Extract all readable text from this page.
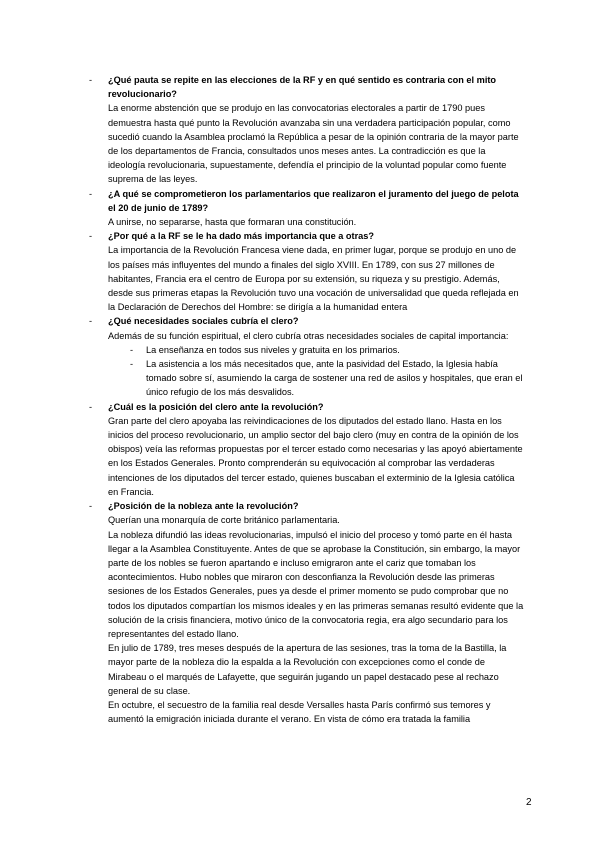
- ¿Qué pauta se repite en las elecciones de la RF y en qué sentido es contraria con el mito revolucionario?

La enorme abstención que se produjo en las convocatorias electorales a partir de 1790 pues demuestra hasta qué punto la Revolución avanzaba sin una verdadera participación popular, como sucedió cuando la Asamblea proclamó la República a pesar de la opinión contraria de la mayor parte de los departamentos de Francia, consultados unos meses antes. La contradicción es que la ideología revolucionaria, supuestamente, defendía el principio de la voluntad popular como fuente suprema de las leyes.

- ¿A qué se comprometieron los parlamentarios que realizaron el juramento del juego de pelota el 20 de junio de 1789?

A unirse, no separarse, hasta que formaran una constitución.

- ¿Por qué a la RF se le ha dado más importancia que a otras?

La importancia de la Revolución Francesa viene dada, en primer lugar, porque se produjo en uno de los países más influyentes del mundo a finales del siglo XVIII. En 1789, con sus 27 millones de habitantes, Francia era el centro de Europa por su extensión, su riqueza y su prestigio. Además, desde sus primeras etapas la Revolución tuvo una vocación de universalidad que queda reflejada en la Declaración de Derechos del Hombre: se dirigía a la humanidad entera

- ¿Qué necesidades sociales cubría el clero?

Además de su función espiritual, el clero cubría otras necesidades sociales de capital importancia:

- La enseñanza en todos sus niveles y gratuita en los primarios.

- La asistencia a los más necesitados que, ante la pasividad del Estado, la Iglesia había tomado sobre sí, asumiendo la carga de sostener una red de asilos y hospitales, que eran el único refugio de los más desvalidos.

- ¿Cuál es la posición del clero ante la revolución?

Gran parte del clero apoyaba las reivindicaciones de los diputados del estado llano. Hasta en los inicios del proceso revolucionario, un amplio sector del bajo clero (muy en contra de la opinión de los obispos) veía las reformas propuestas por el tercer estado como necesarias y las apoyó abiertamente en los Estados Generales. Pronto comprenderán su equivocación al comprobar las verdaderas intenciones de los diputados del tercer estado, quienes buscaban el exterminio de la Iglesia católica en Francia.

- ¿Posición de la nobleza ante la revolución?

Querían una monarquía de corte británico parlamentaria.

La nobleza difundió las ideas revolucionarias, impulsó el inicio del proceso y tomó parte en él hasta llegar a la Asamblea Constituyente. Antes de que se aprobase la Constitución, sin embargo, la mayor parte de los nobles se fueron apartando e incluso emigraron ante el cariz que tomaban los acontecimientos. Hubo nobles que miraron con desconfianza la Revolución desde las primeras sesiones de los Estados Generales, pues ya desde el primer momento se pudo comprobar que no todos los diputados compartían los mismos ideales y en las primeras semanas resultó evidente que la solución de la crisis financiera, motivo único de la convocatoria regia, era algo secundario para los representantes del estado llano.

En julio de 1789, tres meses después de la apertura de las sesiones, tras la toma de la Bastilla, la mayor parte de la nobleza dio la espalda a la Revolución con excepciones como el conde de Mirabeau o el marqués de Lafayette, que seguirán jugando un papel destacado pese al rechazo general de su clase.

En octubre, el secuestro de la familia real desde Versalles hasta París confirmó sus temores y aumentó la emigración iniciada durante el verano. En vista de cómo era tratada la familia

2
